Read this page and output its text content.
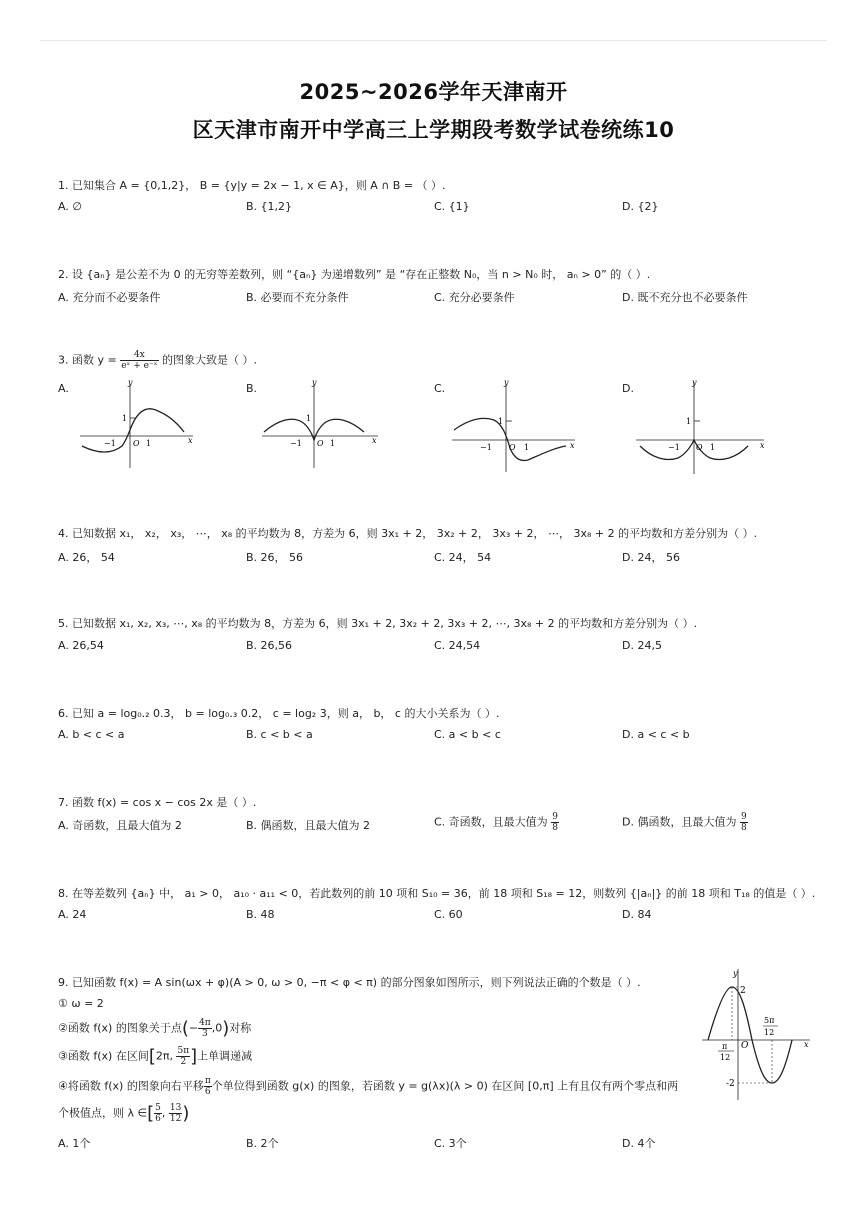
2025~2026学年天津南开
区天津市南开中学高三上学期段考数学试卷统练10
1. 已知集合 A = {0,1,2}， B = {y|y = 2x − 1, x ∈ A}，则 A ∩ B = （ ）.
A. ∅	B. {1,2}	C. {1}	D. {2}
2. 设 {aₙ} 是公差不为 0 的无穷等差数列，则 “{aₙ} 为递增数列” 是 “存在正整数 N₀，当 n > N₀ 时， aₙ > 0” 的（ ）.
A. 充分而不必要条件	B. 必要而不充分条件	C. 充分必要条件	D. 既不充分也不必要条件
3. 函数 $y = \frac{4x}{\text{eˣ + e⁻ˣ}}$ 的图象大致是（ ）.
A.	B.	C.	D.
y
x
O
1
−1	1
y
x
O
1
−1	1
y
x
O
1
−1	1
y
x
O
1
−1	1
4. 已知数据 x₁， x₂， x₃， ⋯， x₈ 的平均数为 8，方差为 6，则 3x₁ + 2， 3x₂ + 2， 3x₃ + 2， ⋯， 3x₈ + 2 的平均数和方差分别为（ ）.
A. 26， 54	B. 26， 56	C. 24， 54	D. 24， 56
5. 已知数据 x₁, x₂, x₃, ⋯, x₈ 的平均数为 8，方差为 6，则 3x₁ + 2, 3x₂ + 2, 3x₃ + 2, ⋯, 3x₈ + 2 的平均数和方差分别为（ ）.
A. 26,54	B. 26,56	C. 24,54	D. 24,5
6. 已知 a = log₀.₂ 0.3， b = log₀.₃ 0.2， c = log₂ 3，则 a， b， c 的大小关系为（ ）.
A. b < c < a	B. c < b < a	C. a < b < c	D. a < c < b
7. 函数 f(x) = cos x − cos 2x 是（ ）.
A. 奇函数，且最大值为 2	B. 偶函数，且最大值为 2	C. 奇函数，且最大值为 $\frac{9}{8}$	D. 偶函数，且最大值为 $\frac{9}{8}$
8. 在等差数列 {aₙ} 中， a₁ > 0， a₁₀ · a₁₁ < 0，若此数列的前 10 项和 S₁₀ = 36，前 18 项和 S₁₈ = 12，则数列 {|aₙ|} 的前 18 项和 T₁₈ 的值是（ ）.
A. 24	B. 48	C. 60	D. 84
9. 已知函数 f(x) = A sin(ωx + φ)(A > 0, ω > 0, −π < φ < π) 的部分图象如图所示，则下列说法正确的个数是（ ）.
① ω = 2
②函数 f(x) 的图象关于点(− $\frac{4\pi}{3} ,0$)对称
③函数 f(x) 在区间[2π, $\frac{5\pi}{2}$ ]上单调递减
④将函数 f(x) 的图象向右平移 $\frac{\pi}{6}$ 个单位得到函数 g(x) 的图象，若函数 y = g(λx)(λ > 0) 在区间 [0,π] 上有且仅有两个零点和两
个极值点，则 λ ∈[ $\frac{5}{6}$ , $\frac{13}{12}$ )
A. 1个	B. 2个	C. 3个	D. 4个
y
x
O
2
-2
π
12
5π
12
